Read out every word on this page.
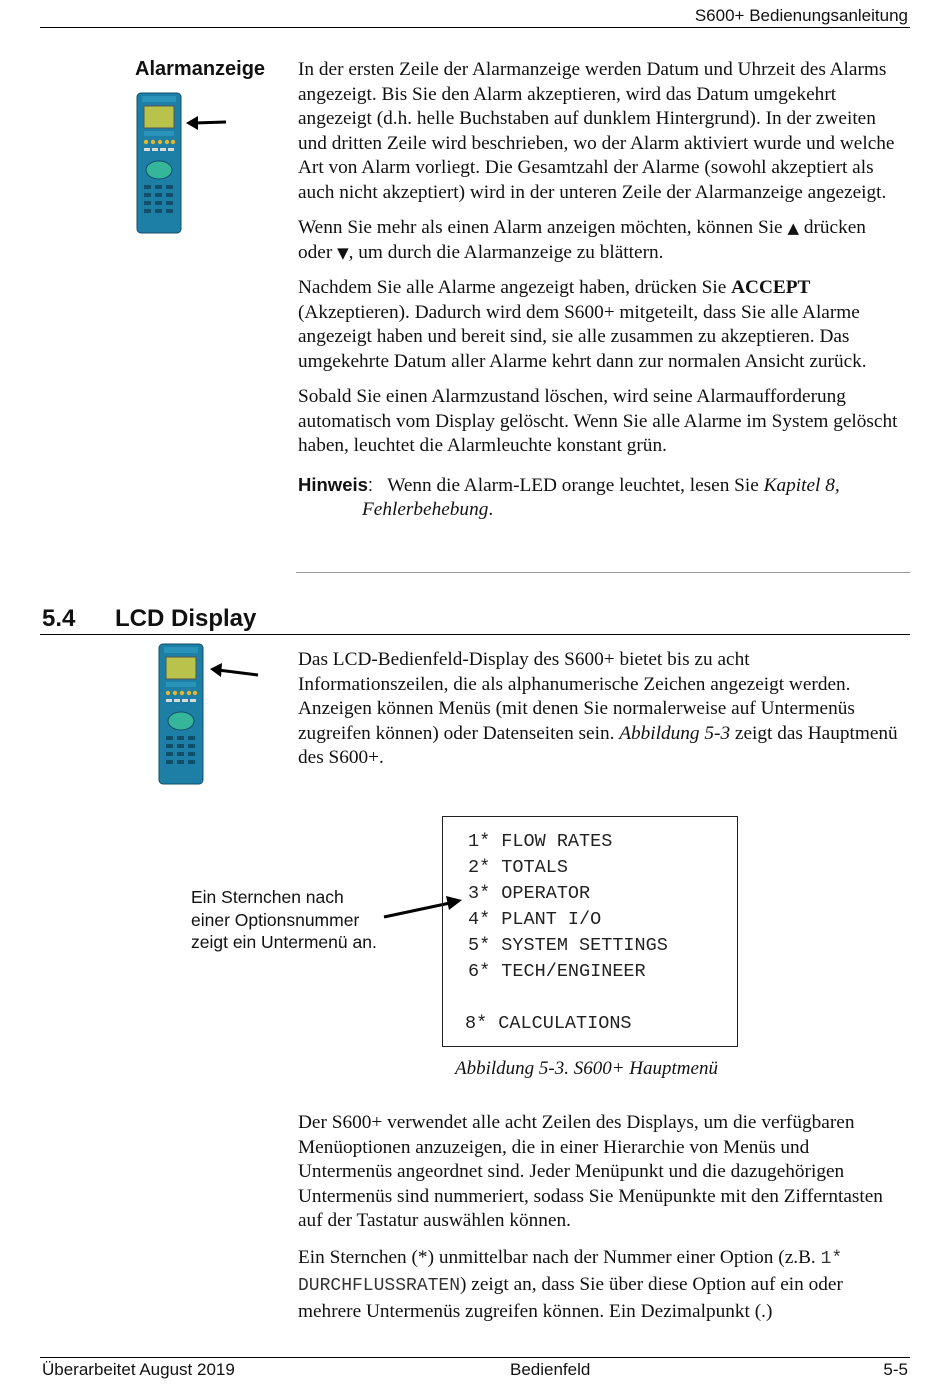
S600+ Bedienungsanleitung
Alarmanzeige In der ersten Zeile der Alarmanzeige werden Datum und Uhrzeit des Alarms angezeigt. Bis Sie den Alarm akzeptieren, wird das Datum umgekehrt angezeigt (d.h. helle Buchstaben auf dunklem Hintergrund). In der zweiten und dritten Zeile wird beschrieben, wo der Alarm aktiviert wurde und welche Art von Alarm vorliegt. Die Gesamtzahl der Alarme (sowohl akzeptiert als auch nicht akzeptiert) wird in der unteren Zeile der Alarmanzeige angezeigt.

Wenn Sie mehr als einen Alarm anzeigen möchten, können Sie ▲ drücken oder ▼, um durch die Alarmanzeige zu blättern.

Nachdem Sie alle Alarme angezeigt haben, drücken Sie ACCEPT (Akzeptieren). Dadurch wird dem S600+ mitgeteilt, dass Sie alle Alarme angezeigt haben und bereit sind, sie alle zusammen zu akzeptieren. Das umgekehrte Datum aller Alarme kehrt dann zur normalen Ansicht zurück.

Sobald Sie einen Alarmzustand löschen, wird seine Alarmaufforderung automatisch vom Display gelöscht. Wenn Sie alle Alarme im System gelöscht haben, leuchtet die Alarmleuchte konstant grün.

Hinweis: Wenn die Alarm-LED orange leuchtet, lesen Sie Kapitel 8, Fehlerbehebung.
5.4 LCD Display

Das LCD-Bedienfeld-Display des S600+ bietet bis zu acht Informationszeilen, die als alphanumerische Zeichen angezeigt werden. Anzeigen können Menüs (mit denen Sie normalerweise auf Untermenüs zugreifen können) oder Datenseiten sein. Abbildung 5-3 zeigt das Hauptmenü des S600+.

Ein Sternchen nach
einer Optionsnummer
zeigt ein Untermenü an.
1* FLOW RATES
2* TOTALS
3* OPERATOR
4* PLANT I/O
5* SYSTEM SETTINGS
6* TECH/ENGINEER
8* CALCULATIONS
Abbildung 5-3. S600+ Hauptmenü

Der S600+ verwendet alle acht Zeilen des Displays, um die verfügbaren Menüoptionen anzuzeigen, die in einer Hierarchie von Menüs und Untermenüs angeordnet sind. Jeder Menüpunkt und die dazugehörigen Untermenüs sind nummeriert, sodass Sie Menüpunkte mit den Zifferntasten auf der Tastatur auswählen können.

Ein Sternchen (*) unmittelbar nach der Nummer einer Option (z.B. 1* DURCHFLUSSRATEN) zeigt an, dass Sie über diese Option auf ein oder mehrere Untermenüs zugreifen können. Ein Dezimalpunkt (.)

Überarbeitet August 2019	Bedienfeld	5-5
